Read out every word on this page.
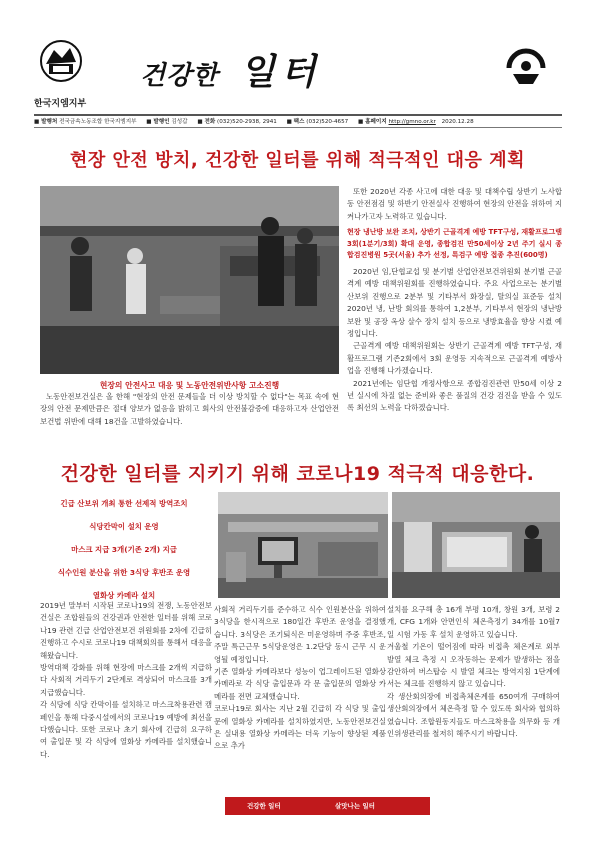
한국지엠지부
건강한 일터
■ 발행처 전국금속노동조합 한국지엠지부 ■ 발행인 김성갑 ■ 전화 (032)520-2938, 2941 ■ 팩스 (032)520-4657 ■ 홈페이지 http://gmno.or.kr 2020.12.28
현장 안전 방치, 건강한 일터를 위해 적극적인 대응 계획
현장의 안전사고 대응 및 노동안전위반사항 고소진행
노동안전보건실은 올 한해 "현장의 안전 문제들을 더 이상 방치할 수 없다"는 목표 속에 현장의 안전 문제만큼은 절대 양보가 없음을 밝히고 회사의 안전불감증에 대응하고자 산업안전보건법 위반에 대해 18건을 고발하였습니다.

또한 2020년 각종 사고에 대한 대응 및 대책수립 상반기 노사합동 안전점검 및 하반기 안전실사 진행하여 현장의 안전을 위하여 지켜나가고자 노력하고 있습니다.

현장 냉난방 보완 조치, 상반기 근골격계 예방 TFT구성, 재활프로그램 3회(1분기/3회) 확대 운영, 종합검진 만50세이상 2년 주기 실시 종합검진병원 5곳(서울) 추가 선정, 특검구 예방 접종 추진(600명)

2020년 임,단협교섭 및 분기별 산업안전보건위원회 분기별 근골격계 예방 대책위원회를 진행하였습니다. 주요 사업으로는 분기별 산보위 진행으로 2분부 및 기타부서 화장실, 탈의실 표준등 설치 2020년 냉, 난방 회의를 통하여 1,2분부, 기타부서 현장의 냉난방 보완 및 공장 옥상 살수 장치 설치 등으로 냉방효율을 향상 시켰 예정입니다.

근골격계 예방 대책위원회는 상반기 근골격계 예방 TFT구성, 재활프로그램 기존2회에서 3회 운영등 지속적으로 근골격계 예방사업을 진행해 나가겠습니다.

2021년에는 임단협 개정사항으로 종합검진관련 만50세 이상 2년 실시에 차질 없는 준비와 좋은 품질의 건강 검진을 받을 수 있도록 최선의 노력을 다하겠습니다.

건강한 일터를 지키기 위해 코로나19 적극적 대응한다.
긴급 산보위 개최 통한 선제적 방역조치
식당칸막이 설치 운영
마스크 지급 3개(기존 2개) 지급
식수인원 분산을 위한 3식당 후반조 운영
열화상 카메라 설치
2019년 말부터 시작된 코로나19의 전쟁, 노동안전보건실은 조합원들의 건강권과 안전한 일터를 위해 코로나19 관련 긴급 산업안전보건 위원회를 2차에 긴급히 진행하고 수시로 코로나19 대책회의를 통해서 대응을 해왔습니다.
방역대책 강화를 위해 현장에 마스크를 2개씩 지급하다 사회적 거리두기 2단계로 격상되어 마스크를 3개 지급했습니다.
각 식당에 식당 칸막이를 설치하고 마스크착용관련 캠페인을 통해 다중시설에서의 코로나19 예방에 최선을 다했습니다. 또한 코로나 초기 회사에 긴급히 요구하여 출입문 및 각 식당에 열화상 카메라를 설치했습니다.
사회적 거리두기를 준수하고 식수 인원분산을 위하여 3식당을 한시적으로 180일간 후반조 운영을 결정했습니다. 3식당은 조기퇴식은 미운영하며 주중 후반조, 주말 특근근무 5식당운영은 1.2단당 동시 근무 시 운영될 예정입니다.
기존 열화상 카메라보다 성능이 업그레이드된 열화상카메라로 각 식당 출입문과 각 문 출입문의 열화상 카메라를 전면 교체했습니다.
코로나19로 회사는 지난 2월 긴급히 각 식당 및 출입문에 열화상 카메라를 설치하였지만, 노동안전보건실은 실내용 열화상 카메라는 더욱 기능이 향상된 제품으로 추가
설치를 요구해 총 16개 부평 10개, 창원 3개, 보령 2개, CFG 1개와 안면인식 체온측정기 34개를 10월7일 시험 가동 후 설치 운영하고 있습니다.
겨울철 기온이 떨어짐에 따라 비접촉 체온계로 외부 발열 체크 측정 시 오작동하는 문제가 발생하는 점을 감안하여 버스탑승 시 발열 체크는 방역지침 1단계에서는 체크를 진행하지 않고 있습니다.
각 생산회의장에 비접촉체온계를 650여개 구매하여 생산회의장에서 체온측정 할 수 있도록 회사와 협의하였습니다. 조합원동지들도 마스크착용을 의무화 등 개인위생관리를 철저히 해주시기 바랍니다.
건강한 일터	살맛나는 일터
